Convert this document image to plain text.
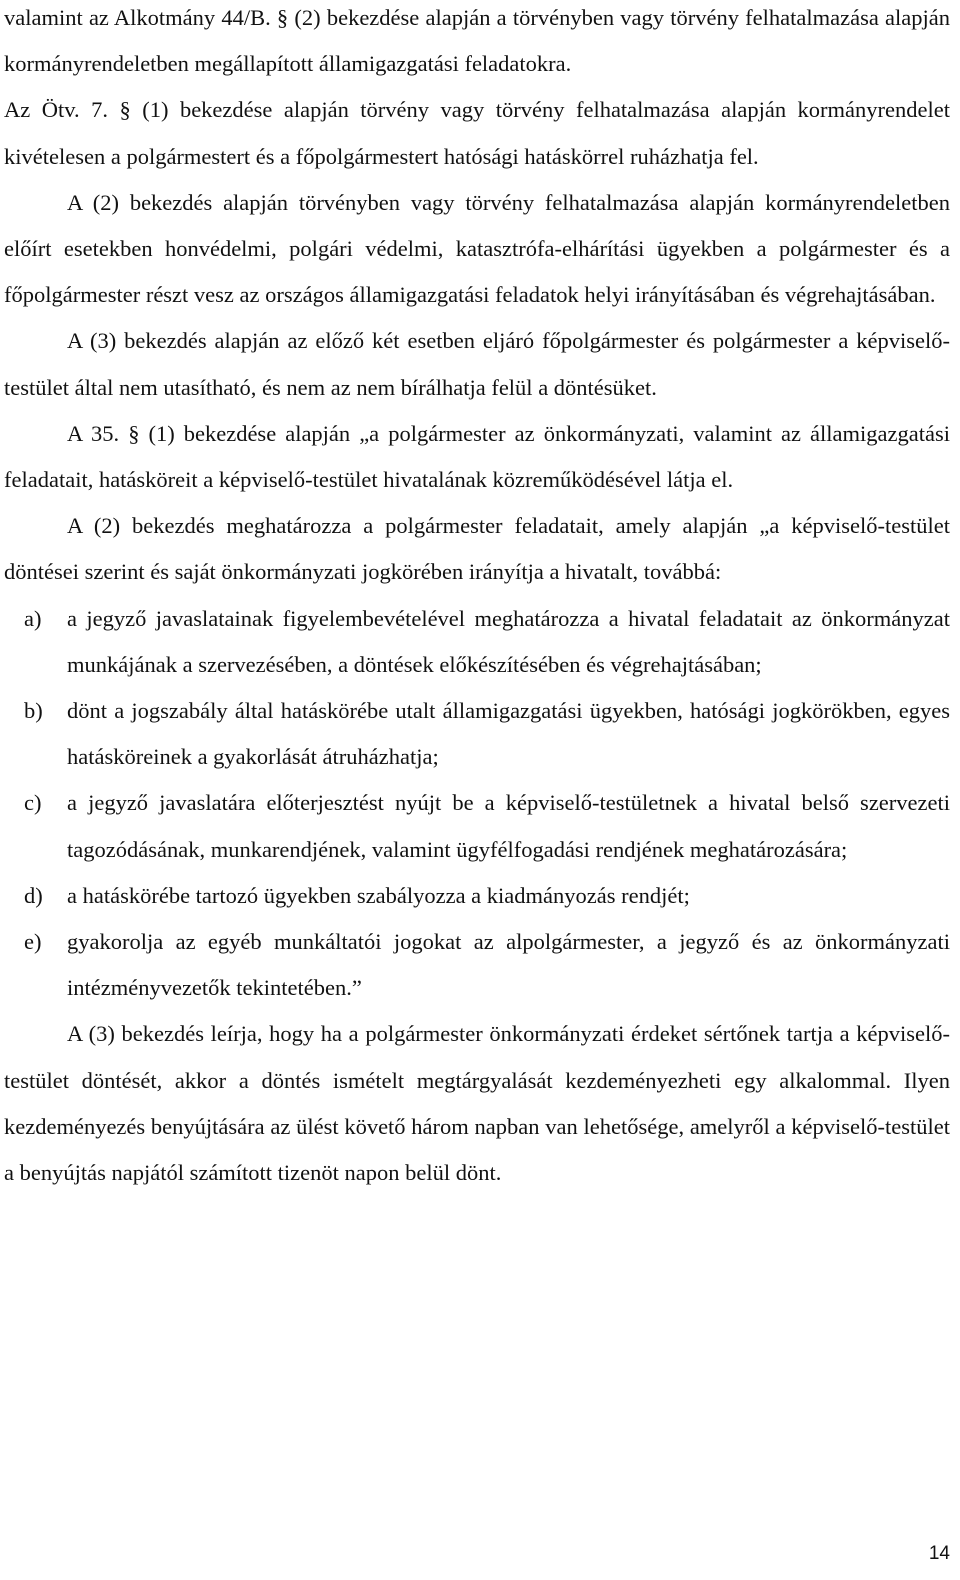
valamint az Alkotmány 44/B. § (2) bekezdése alapján a törvényben vagy törvény felhatalmazása alapján kormányrendeletben megállapított államigazgatási feladatokra.

Az Ötv. 7. § (1) bekezdése alapján törvény vagy törvény felhatalmazása alapján kormányrendelet kivételesen a polgármestert és a főpolgármestert hatósági hatáskörrel ruházhatja fel.

A (2) bekezdés alapján törvényben vagy törvény felhatalmazása alapján kormányrendeletben előírt esetekben honvédelmi, polgári védelmi, katasztrófa-elhárítási ügyekben a polgármester és a főpolgármester részt vesz az országos államigazgatási feladatok helyi irányításában és végrehajtásában.

A (3) bekezdés alapján az előző két esetben eljáró főpolgármester és polgármester a képviselő-testület által nem utasítható, és nem az nem bírálhatja felül a döntésüket.

A 35. § (1) bekezdése alapján „a polgármester az önkormányzati, valamint az államigazgatási feladatait, hatásköreit a képviselő-testület hivatalának közreműködésével látja el.

A (2) bekezdés meghatározza a polgármester feladatait, amely alapján „a képviselő-testület döntései szerint és saját önkormányzati jogkörében irányítja a hivatalt, továbbá:

a) a jegyző javaslatainak figyelembevételével meghatározza a hivatal feladatait az önkormányzat munkájának a szervezésében, a döntések előkészítésében és végrehajtásában;
b) dönt a jogszabály által hatáskörébe utalt államigazgatási ügyekben, hatósági jogkörökben, egyes hatásköreinek a gyakorlását átruházhatja;
c) a jegyző javaslatára előterjesztést nyújt be a képviselő-testületnek a hivatal belső szervezeti tagozódásának, munkarendjének, valamint ügyfélfogadási rendjének meghatározására;
d) a hatáskörébe tartozó ügyekben szabályozza a kiadmányozás rendjét;
e) gyakorolja az egyéb munkáltatói jogokat az alpolgármester, a jegyző és az önkormányzati intézményvezetők tekintetében.”

A (3) bekezdés leírja, hogy ha a polgármester önkormányzati érdeket sértőnek tartja a képviselő-testület döntését, akkor a döntés ismételt megtárgyalását kezdeményezheti egy alkalommal. Ilyen kezdeményezés benyújtására az ülést követő három napban van lehetősége, amelyről a képviselő-testület a benyújtás napjától számított tizenöt napon belül dönt.

14
